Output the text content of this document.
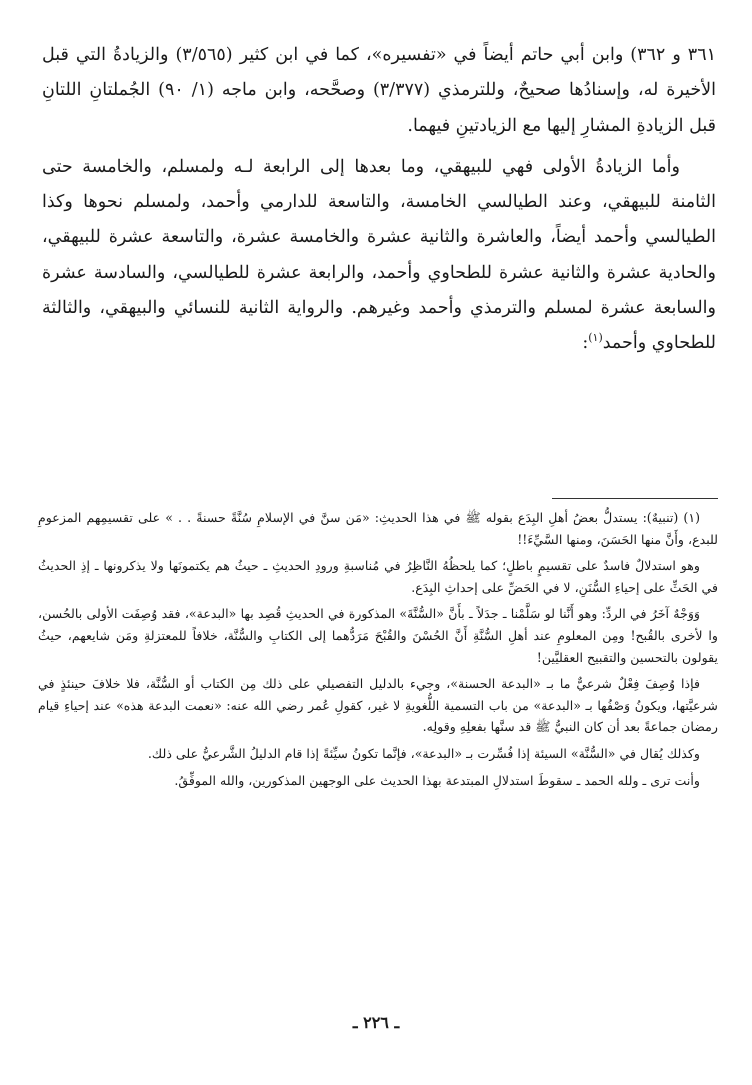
٣٦١ و ٣٦٢) وابن أبي حاتم أيضاً في «تفسيره»، كما في ابن كثير (٣/٥٦٥) والزيادةُ التي قبل الأخيرة له، وإسنادُها صحيحٌ، وللترمذي (٣/٣٧٧) وصحَّحه، وابن ماجه (١/ ٩٠) الجُملتانِ اللتانِ قبل الزيادةِ المشارِ إليها مع الزيادتينِ فيهما.

وأما الزيادةُ الأولى فهي للبيهقي، وما بعدها إلى الرابعة لـه ولمسلم، والخامسة حتى الثامنة للبيهقي، وعند الطيالسي الخامسة، والتاسعة للدارمي وأحمد، ولمسلم نحوها وكذا الطيالسي وأحمد أيضاً، والعاشرة والثانية عشرة والخامسة عشرة، والتاسعة عشرة للبيهقي، والحادية عشرة والثانية عشرة للطحاوي وأحمد، والرابعة عشرة للطيالسي، والسادسة عشرة والسابعة عشرة لمسلم والترمذي وأحمد وغيرهم. والرواية الثانية للنسائي والبيهقي، والثالثة للطحاوي وأحمد$^{(١)}$:

(١) (تنبيهٌ): يستدلُّ بعضُ أهلِ البِدَع بقوله ﷺ في هذا الحديثِ: «مَن سنَّ في الإسلامِ سُنَّةً حسنةً . . » على تقسيمِهم المزعومِ للبدع، وأَنَّ منها الحَسَنَ، ومنها السَّيِّءَ!!

وهو استدلالٌ فاسدٌ على تقسيمٍ باطلٍ؛ كما يلحظُهُ النَّاظِرُ في مُناسبةِ ورودِ الحديثِ ـ حيثُ هم يكتمونَها ولا يذكرونها ـ إذِ الحديثُ في الحَثِّ على إحياءِ السُّنَنِ، لا في الحَضِّ على إحداثِ البِدَع.

وَوَجْهٌ آخَرُ في الردِّ: وهو أَنَّنا لو سَلَّمْنا ـ جدَلاً ـ بأَنَّ «السُّنَّةَ» المذكورة في الحديثِ قُصِد بها «البدعة»، فقد وُصِفَت الأولى بالحُسن، وا لأخرى بالقُبح! ومِن المعلومِ عند أهلِ السُّنَّةِ أَنَّ الحُسْنَ والقُبْحَ مَرَدُّهما إلى الكتابِ والسُّنَّة، خلافاً للمعتزلةِ ومَن شايعهم، حيثُ يقولون بالتحسين والتقبيح العقليَّين!

فإذا وُصِفَ فِعْلٌ شرعيٌّ ما بـ «البدعة الحسنة»، وجيء بالدليل التفصيلي على ذلك مِن الكتاب أو السُّنَّة، فلا خلافَ حينئذٍ في شرعيَّتها، ويكونُ وَصْفُها بـ «البدعة» من باب التسمية اللُّغويةِ لا غير، كقولِ عُمر رضي الله عنه: «نعمت البدعة هذه» عند إحياءِ قيام رمضان جماعةً بعد أن كان النبيُّ ﷺ قد سنَّها بفعلِهِ وقولِه.

وكذلك يُقال في «السُّنَّة» السيئة إذا فُسِّرت بـ «البدعة»، فإنَّما تكونُ سيِّئةً إذا قام الدليلُ الشَّرعيُّ على ذلك.

وأنت ترى ـ ولله الحمد ـ سقوطَ استدلالِ المبتدعة بهذا الحديث على الوجهين المذكورين، والله الموفِّقُ.

ـ ٢٢٦ ـ
